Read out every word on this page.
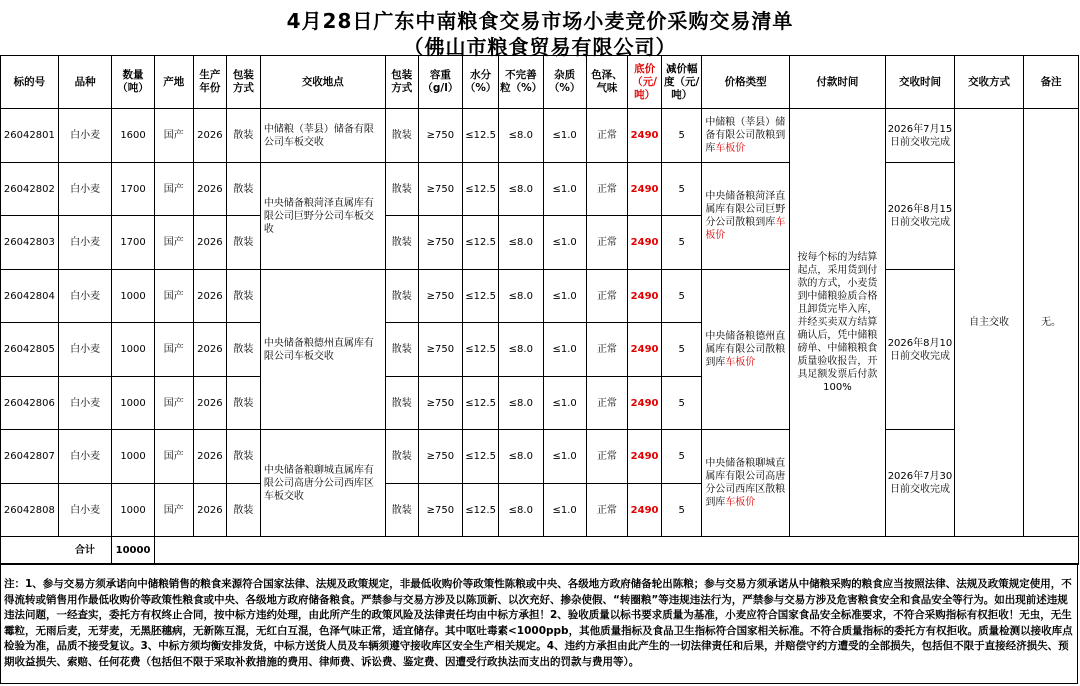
4月28日广东中南粮食交易市场小麦竞价采购交易清单
（佛山市粮食贸易有限公司）
标的号	品种	数量（吨）	产地	生产年份	包装方式	交收地点	包装方式	容重（g/l）	水分（%）	不完善粒（%）	杂质（%）	色泽、气味	底价（元/吨）	减价幅度（元/吨）	价格类型	付款时间	交收时间	交收方式	备注
26042801	白小麦	1600	国产	2026	散装	中储粮（莘县）储备有限公司车板交收	散装	≥750	≤12.5	≤8.0	≤1.0	正常	2490	5	中储粮（莘县）储备有限公司散粮到库车板价	按每个标的为结算起点，采用货到付款的方式，小麦货到中储粮验质合格且卸货完毕入库，并经买卖双方结算确认后，凭中储粮磅单、中储粮粮食质量验收报告，开具足额发票后付款100%	2026年7月15日前交收完成	自主交收	无。
26042802	白小麦	1700	国产	2026	散装	中央储备粮菏泽直属库有限公司巨野分公司车板交收	散装	≥750	≤12.5	≤8.0	≤1.0	正常	2490	5	中央储备粮菏泽直属库有限公司巨野分公司散粮到库车板价		2026年8月15日前交收完成		
26042803	白小麦	1700	国产	2026	散装		散装	≥750	≤12.5	≤8.0	≤1.0	正常	2490	5					
26042804	白小麦	1000	国产	2026	散装	中央储备粮德州直属库有限公司车板交收	散装	≥750	≤12.5	≤8.0	≤1.0	正常	2490	5	中央储备粮德州直属库有限公司散粮到库车板价		2026年8月10日前交收完成		
26042805	白小麦	1000	国产	2026	散装		散装	≥750	≤12.5	≤8.0	≤1.0	正常	2490	5					
26042806	白小麦	1000	国产	2026	散装		散装	≥750	≤12.5	≤8.0	≤1.0	正常	2490	5					
26042807	白小麦	1000	国产	2026	散装	中央储备粮聊城直属库有限公司高唐分公司西库区车板交收	散装	≥750	≤12.5	≤8.0	≤1.0	正常	2490	5	中央储备粮聊城直属库有限公司高唐分公司西库区散粮到库车板价		2026年7月30日前交收完成		
26042808	白小麦	1000	国产	2026	散装		散装	≥750	≤12.5	≤8.0	≤1.0	正常	2490	5					
	合计	10000																	
注：1、参与交易方须承诺向中储粮销售的粮食来源符合国家法律、法规及政策规定，非最低收购价等政策性陈粮或中央、各级地方政府储备轮出陈粮；参与交易方须承诺从中储粮采购的粮食应当按照法律、法规及政策规定使用，不得流转或销售用作最低收购价等政策性粮食或中央、各级地方政府储备粮食。严禁参与交易方涉及以陈顶新、以次充好、掺杂使假、“转圈粮”等违规违法行为，严禁参与交易方涉及危害粮食安全和食品安全等行为。如出现前述违规违法问题，一经查实，委托方有权终止合同，按中标方违约处理，由此所产生的政策风险及法律责任均由中标方承担！2、验收质量以标书要求质量为基准，小麦应符合国家食品安全标准要求，不符合采购指标有权拒收！无虫，无生霉粒，无雨后麦，无芽麦，无黑胚穗病，无新陈互混，无红白互混，色泽气味正常，适宜储存。其中呕吐毒素<1000ppb，其他质量指标及食品卫生指标符合国家相关标准。不符合质量指标的委托方有权拒收。质量检测以接收库点检验为准，品质不接受复议。3、中标方须均衡安排发货，中标方送货人员及车辆须遵守接收库区安全生产相关规定。4、违约方承担由此产生的一切法律责任和后果，并赔偿守约方遭受的全部损失，包括但不限于直接经济损失、预期收益损失、索赔、任何花费（包括但不限于采取补救措施的费用、律师费、诉讼费、鉴定费、因遭受行政执法而支出的罚款与费用等）。
